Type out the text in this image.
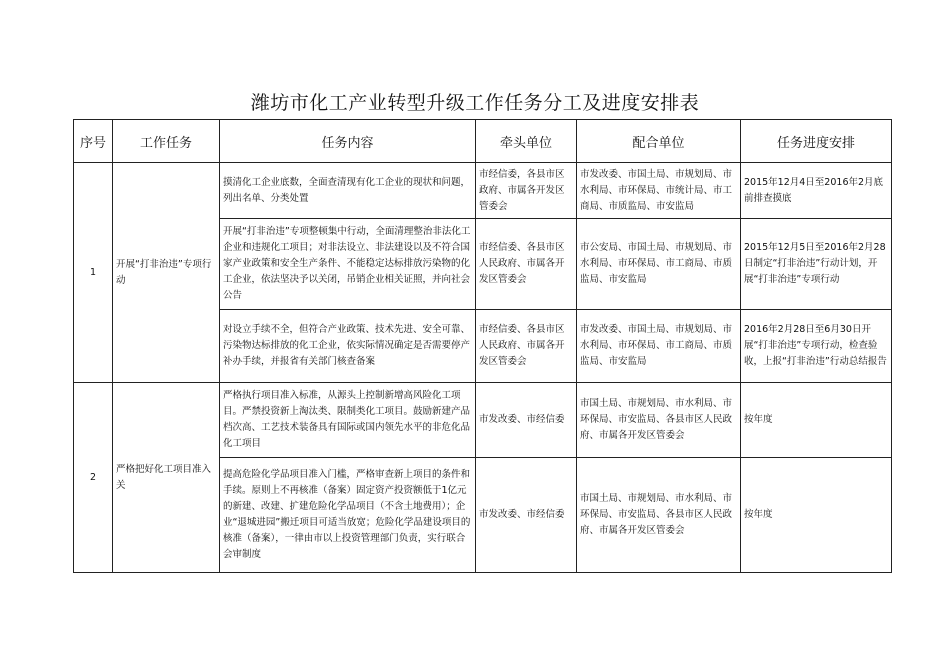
潍坊市化工产业转型升级工作任务分工及进度安排表
序号	工作任务	任务内容	牵头单位	配合单位	任务进度安排
1	开展“打非治违”专项行动	摸清化工企业底数，全面查清现有化工企业的现状和问题，列出名单、分类处置	市经信委，各县市区政府、市属各开发区管委会	市发改委、市国土局、市规划局、市水利局、市环保局、市统计局、市工商局、市质监局、市安监局	2015年12月4日至2016年2月底前排查摸底
		开展“打非治违”专项整顿集中行动，全面清理整治非法化工企业和违规化工项目；对非法设立、非法建设以及不符合国家产业政策和安全生产条件、不能稳定达标排放污染物的化工企业，依法坚决予以关闭，吊销企业相关证照，并向社会公告	市经信委、各县市区人民政府、市属各开发区管委会	市公安局、市国土局、市规划局、市水利局、市环保局、市工商局、市质监局、市安监局	2015年12月5日至2016年2月28日制定“打非治违”行动计划，开展“打非治违”专项行动
		对设立手续不全，但符合产业政策、技术先进、安全可靠、污染物达标排放的化工企业，依实际情况确定是否需要停产补办手续，并报省有关部门核查备案	市经信委、各县市区人民政府、市属各开发区管委会	市发改委、市国土局、市规划局、市水利局、市环保局、市工商局、市质监局、市安监局	2016年2月28日至6月30日开展“打非治违”专项行动，检查验收，上报“打非治违”行动总结报告
2	严格把好化工项目准入关	严格执行项目准入标准，从源头上控制新增高风险化工项目。严禁投资新上淘汰类、限制类化工项目。鼓励新建产品档次高、工艺技术装备具有国际或国内领先水平的非危化品化工项目	市发改委、市经信委	市国土局、市规划局、市水利局、市环保局、市安监局、各县市区人民政府、市属各开发区管委会	按年度
		提高危险化学品项目准入门槛，严格审查新上项目的条件和手续。原则上不再核准（备案）固定资产投资额低于1亿元的新建、改建、扩建危险化学品项目（不含土地费用）；企业“退城进园”搬迁项目可适当放宽；危险化学品建设项目的核准（备案），一律由市以上投资管理部门负责，实行联合会审制度	市发改委、市经信委	市国土局、市规划局、市水利局、市环保局、市安监局、各县市区人民政府、市属各开发区管委会	按年度
